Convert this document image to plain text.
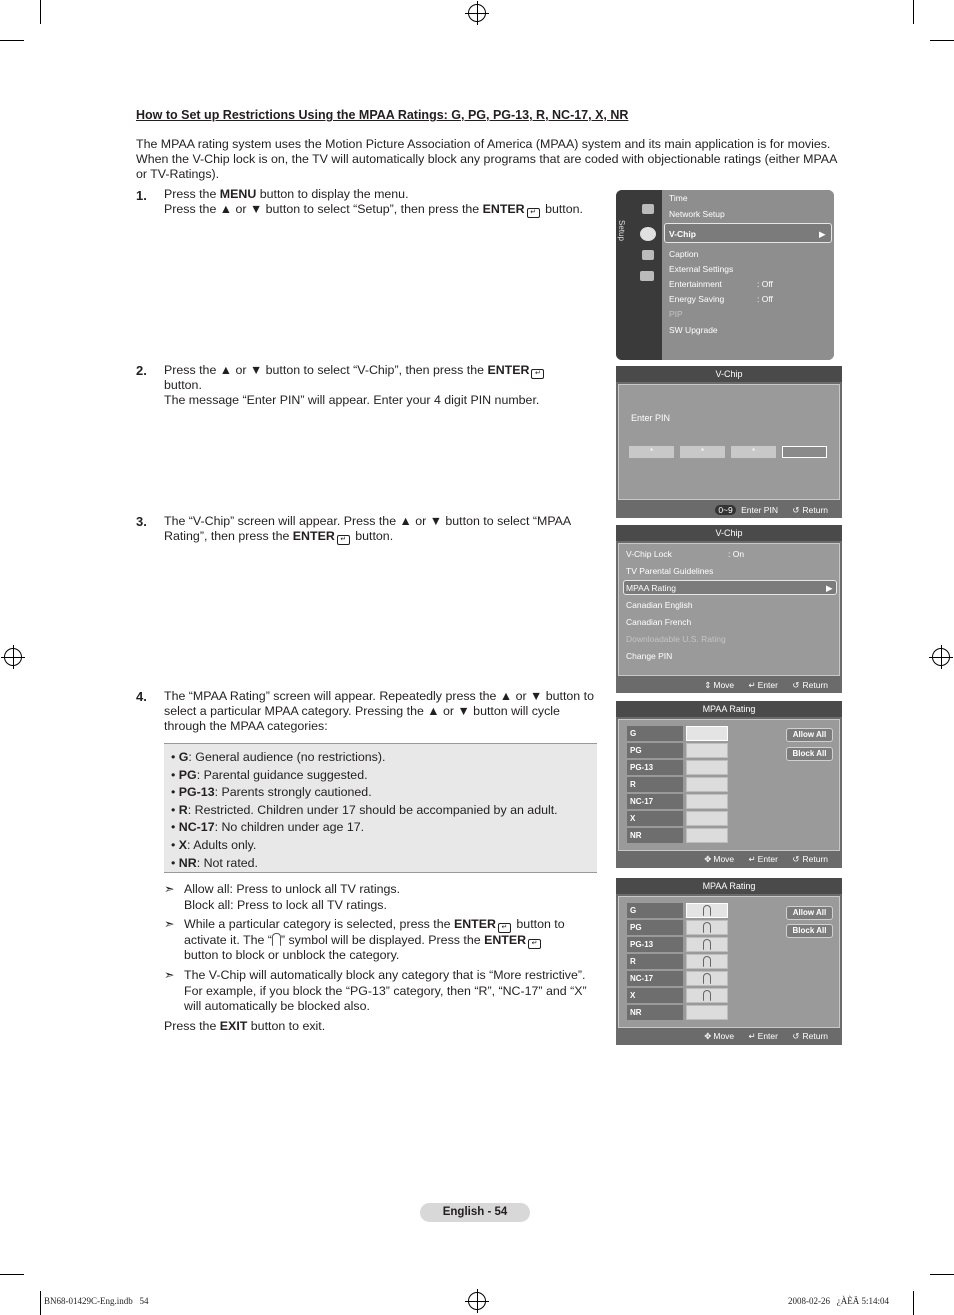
How to Set up Restrictions Using the MPAA Ratings: G, PG, PG-13, R, NC-17, X, NR
The MPAA rating system uses the Motion Picture Association of America (MPAA) system and its main application is for movies. When the V-Chip lock is on, the TV will automatically block any programs that are coded with objectionable ratings (either MPAA or TV-Ratings).
1. Press the MENU button to display the menu.
Press the ▲ or ▼ button to select “Setup”, then press the ENTER ↵ button.
2. Press the ▲ or ▼ button to select “V-Chip”, then press the ENTER ↵
button.
The message “Enter PIN” will appear. Enter your 4 digit PIN number.
3. The “V-Chip” screen will appear. Press the ▲ or ▼ button to select “MPAA Rating”, then press the ENTER ↵ button.
4. The “MPAA Rating” screen will appear. Repeatedly press the ▲ or ▼ button to select a particular MPAA category. Pressing the ▲ or ▼ button will cycle through the MPAA categories:
• G: General audience (no restrictions).
• PG: Parental guidance suggested.
• PG-13: Parents strongly cautioned.
• R: Restricted. Children under 17 should be accompanied by an adult.
• NC-17: No children under age 17.
• X: Adults only.
• NR: Not rated.
➣ Allow all: Press to unlock all TV ratings.
Block all: Press to lock all TV ratings.
➣ While a particular category is selected, press the ENTER ↵ button to activate it. The “ ” symbol will be displayed. Press the ENTER ↵
button to block or unblock the category.
➣ The V-Chip will automatically block any category that is “More restrictive”. For example, if you block the “PG-13” category, then “R”, “NC-17” and “X” will automatically be blocked also.
Press the EXIT button to exit.
Setup
Time
Network Setup
V-Chip	▶
Caption
External Settings
Entertainment	: Off
Energy Saving	: Off
PIP
SW Upgrade
V-Chip
Enter PIN
*	*	*
0~9 Enter PIN ↺ Return
V-Chip
V-Chip Lock	: On
TV Parental Guidelines
MPAA Rating	▶
Canadian English
Canadian French
Downloadable U.S. Rating
Change PIN
⇕ Move ↵ Enter ↺ Return
MPAA Rating
G
PG
PG-13
R
NC-17
X
NR
Allow All
Block All
✥ Move ↵ Enter ↺ Return
MPAA Rating
G
PG
PG-13
R
NC-17
X
NR
Allow All
Block All
✥ Move ↵ Enter ↺ Return
English - 54
BN68-01429C-Eng.indb   54	2008-02-26   ¿ÀÈÄ 5:14:04
